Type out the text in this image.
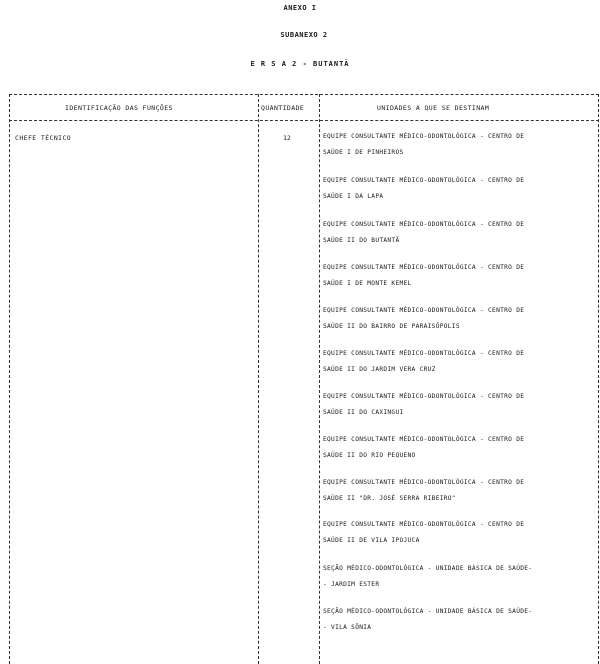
ANEXO I
SUBANEXO 2
E R S A 2 - BUTANTÃ
IDENTIFICAÇÃO DAS FUNÇÕES	QUANTIDADE	UNIDADES A QUE SE DESTINAM
CHEFE TÉCNICO	12	EQUIPE CONSULTANTE MÉDICO-ODONTOLÓGICA - CENTRO DE
SAÚDE I DE PINHEIROS
EQUIPE CONSULTANTE MÉDICO-ODONTOLÓGICA - CENTRO DE
SAÚDE I DA LAPA
EQUIPE CONSULTANTE MÉDICO-ODONTOLÓGICA - CENTRO DE
SAÚDE II DO BUTANTÃ
EQUIPE CONSULTANTE MÉDICO-ODONTOLÓGICA - CENTRO DE
SAÚDE I DE MONTE KEMEL
EQUIPE CONSULTANTE MÉDICO-ODONTOLÓGICA - CENTRO DE
SAÚDE II DO BAIRRO DE PARAISÓPOLIS
EQUIPE CONSULTANTE MÉDICO-ODONTOLÓGICA - CENTRO DE
SAÚDE II DO JARDIM VERA CRUZ
EQUIPE CONSULTANTE MÉDICO-ODONTOLÓGICA - CENTRO DE
SAÚDE II DO CAXINGUI
EQUIPE CONSULTANTE MÉDICO-ODONTOLÓGICA - CENTRO DE
SAÚDE II DO RIO PEQUENO
EQUIPE CONSULTANTE MÉDICO-ODONTOLÓGICA - CENTRO DE
SAÚDE II "DR. JOSÉ SERRA RIBEIRO"
EQUIPE CONSULTANTE MÉDICO-ODONTOLÓGICA - CENTRO DE
SAÚDE II DE VILA IPOJUCA
SEÇÃO MÉDICO-ODONTOLÓGICA - UNIDADE BÁSICA DE SAÚDE-
- JARDIM ESTER
SEÇÃO MÉDICO-ODONTOLÓGICA - UNIDADE BÁSICA DE SAÚDE-
- VILA SÔNIA
